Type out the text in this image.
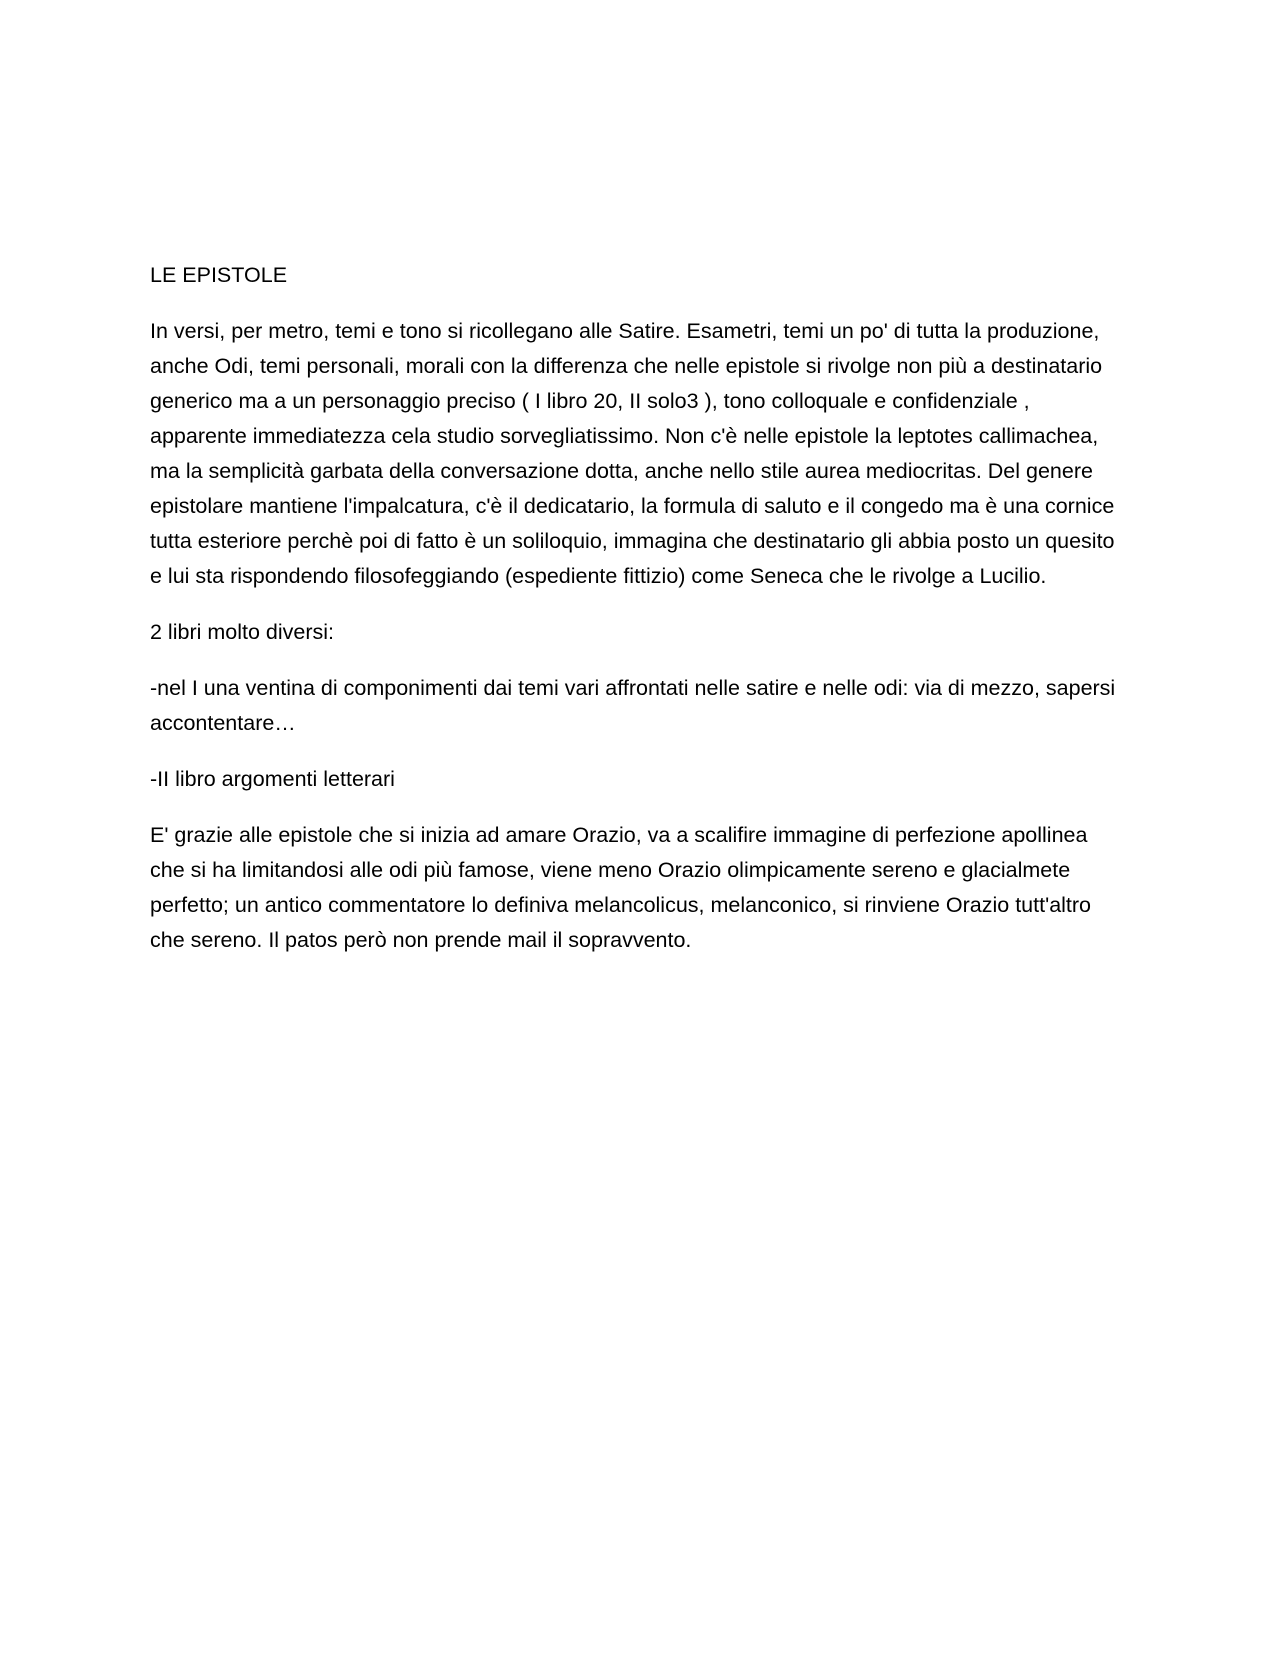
LE EPISTOLE

In versi, per metro, temi e tono si ricollegano alle Satire. Esametri, temi un po' di tutta la produzione, anche Odi, temi personali, morali con la differenza che nelle epistole si rivolge non più a destinatario generico ma a un personaggio preciso ( I libro 20, II solo3 ), tono colloquale e confidenziale , apparente immediatezza cela studio sorvegliatissimo. Non c'è nelle epistole la leptotes callimachea, ma la semplicità garbata della conversazione dotta, anche nello stile aurea mediocritas. Del genere epistolare mantiene l'impalcatura, c'è il dedicatario, la formula di saluto e il congedo ma è una cornice tutta esteriore perchè poi di fatto è un soliloquio, immagina che destinatario gli abbia posto un quesito e lui sta rispondendo filosofeggiando (espediente fittizio) come Seneca che le rivolge a Lucilio.

2 libri molto diversi:

-nel I una ventina di componimenti dai temi vari affrontati nelle satire e nelle odi: via di mezzo, sapersi accontentare…

-II libro argomenti letterari

E' grazie alle epistole che si inizia ad amare Orazio, va a scalifire immagine di perfezione apollinea che si ha limitandosi alle odi più famose, viene meno Orazio olimpicamente sereno e glacialmete perfetto; un antico commentatore lo definiva melancolicus, melanconico, si rinviene Orazio tutt'altro che sereno. Il patos però non prende mail il sopravvento.
